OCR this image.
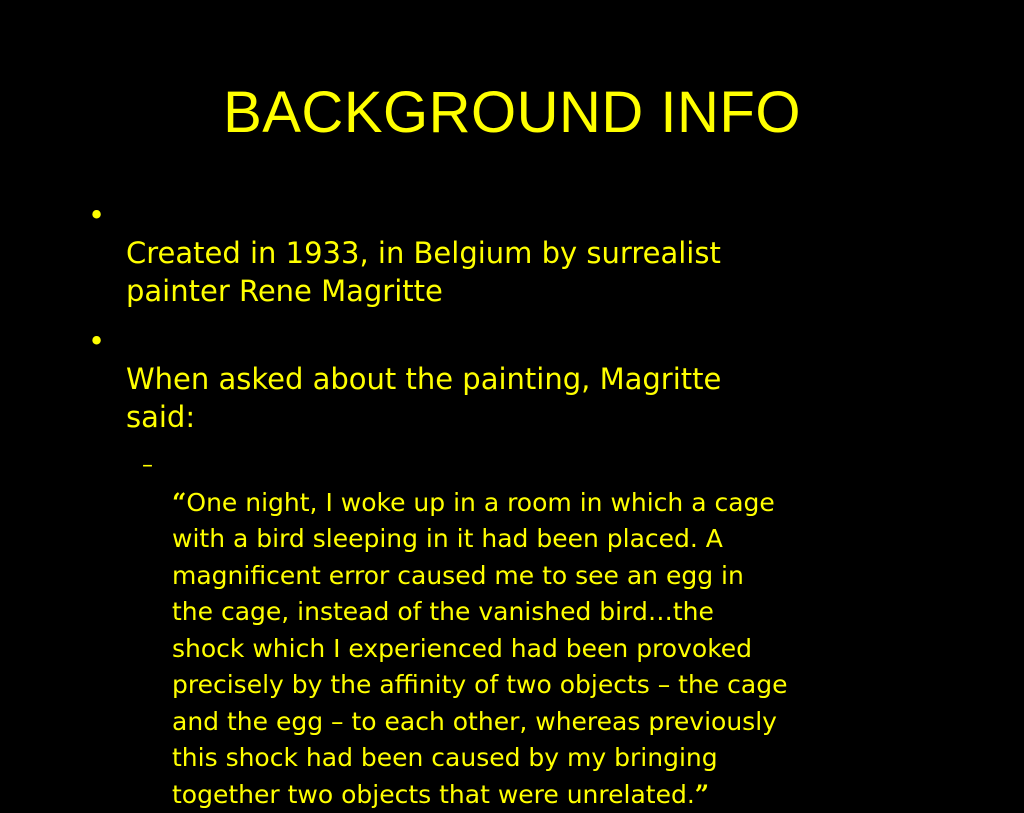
BACKGROUND INFO

•
Created in 1933, in Belgium by surrealist
painter Rene Magritte

•
When asked about the painting, Magritte
said:

–
“One night, I woke up in a room in which a cage
with a bird sleeping in it had been placed. A
magnificent error caused me to see an egg in
the cage, instead of the vanished bird…the
shock which I experienced had been provoked
precisely by the affinity of two objects – the cage
and the egg – to each other, whereas previously
this shock had been caused by my bringing
together two objects that were unrelated.”
